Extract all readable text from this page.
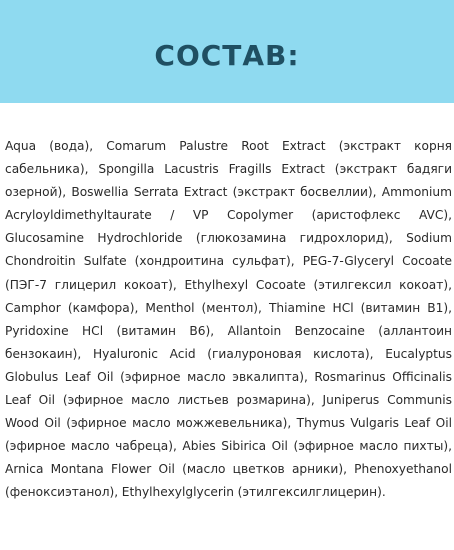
СОСТАВ:
Aqua (вода), Comarum Palustre Root Extract (экстракт корня сабельника), Spongilla Lacustris Fragills Extract (экстракт бадяги озерной), Boswellia Serrata Extract (экстракт босвеллии), Ammonium Acryloyldimethyltaurate / VP Copolymer (аристофлекс AVC), Glucosamine Hydrochloride (глюкозамина гидрохлорид), Sodium Chondroitin Sulfate (хондроитина сульфат), PEG-7-Glyceryl Cocoate (ПЭГ-7 глицерил кокоат), Ethylhexyl Cocoate (этилгексил кокоат), Camphor (камфора), Menthol (ментол), Thiamine HCl (витамин В1), Pyridoxine HCl (витамин В6), Allantoin Benzocaine (аллантоин бензокаин), Hyaluronic Acid (гиалуроновая кислота), Eucalyptus Globulus Leaf Oil (эфирное масло эвкалипта), Rosmarinus Officinalis Leaf Oil (эфирное масло листьев розмарина), Juniperus Communis Wood Oil (эфирное масло можжевельника), Thymus Vulgaris Leaf Oil (эфирное масло чабреца), Abies Sibirica Oil (эфирное масло пихты), Arnica Montana Flower Oil (масло цветков арники), Phenoxyethanol (феноксиэтанол), Ethylhexylglycerin (этилгексилглицерин).
